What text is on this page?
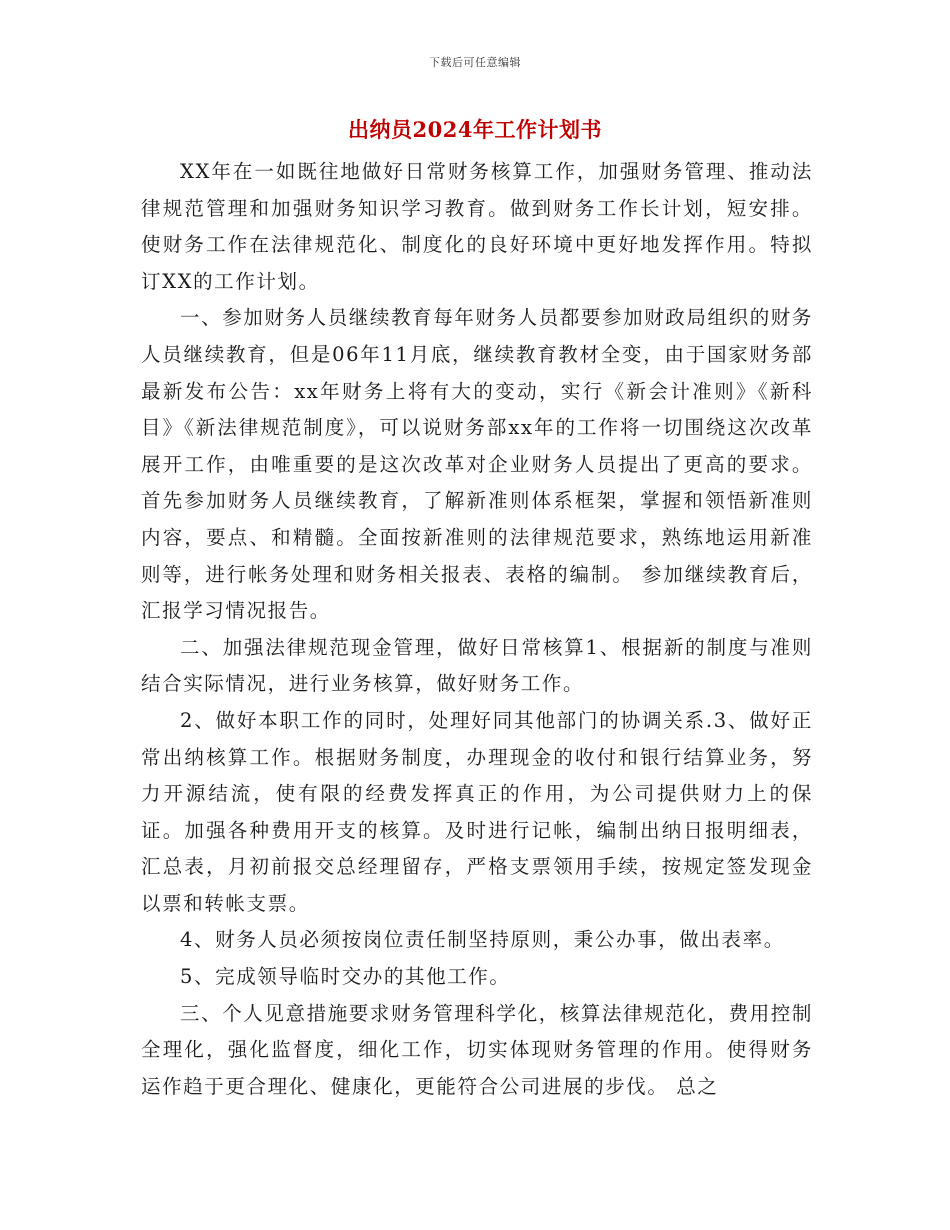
下载后可任意编辑
出纳员2024年工作计划书

XX年在一如既往地做好日常财务核算工作，加强财务管理、推动法律规范管理和加强财务知识学习教育。做到财务工作长计划，短安排。使财务工作在法律规范化、制度化的良好环境中更好地发挥作用。特拟订XX的工作计划。

一、参加财务人员继续教育每年财务人员都要参加财政局组织的财务人员继续教育，但是06年11月底，继续教育教材全变，由于国家财务部最新发布公告：xx年财务上将有大的变动，实行《新会计准则》《新科目》《新法律规范制度》，可以说财务部xx年的工作将一切围绕这次改革展开工作，由唯重要的是这次改革对企业财务人员提出了更高的要求。 首先参加财务人员继续教育，了解新准则体系框架，掌握和领悟新准则内容，要点、和精髓。全面按新准则的法律规范要求，熟练地运用新准则等，进行帐务处理和财务相关报表、表格的编制。 参加继续教育后，汇报学习情况报告。

二、加强法律规范现金管理，做好日常核算1、根据新的制度与准则结合实际情况，进行业务核算，做好财务工作。

2、做好本职工作的同时，处理好同其他部门的协调关系.3、做好正常出纳核算工作。根据财务制度，办理现金的收付和银行结算业务，努力开源结流，使有限的经费发挥真正的作用，为公司提供财力上的保证。加强各种费用开支的核算。及时进行记帐，编制出纳日报明细表，汇总表，月初前报交总经理留存，严格支票领用手续，按规定签发现金以票和转帐支票。

4、财务人员必须按岗位责任制坚持原则，秉公办事，做出表率。

5、完成领导临时交办的其他工作。

三、个人见意措施要求财务管理科学化，核算法律规范化，费用控制全理化，强化监督度，细化工作，切实体现财务管理的作用。使得财务运作趋于更合理化、健康化，更能符合公司进展的步伐。 总之
